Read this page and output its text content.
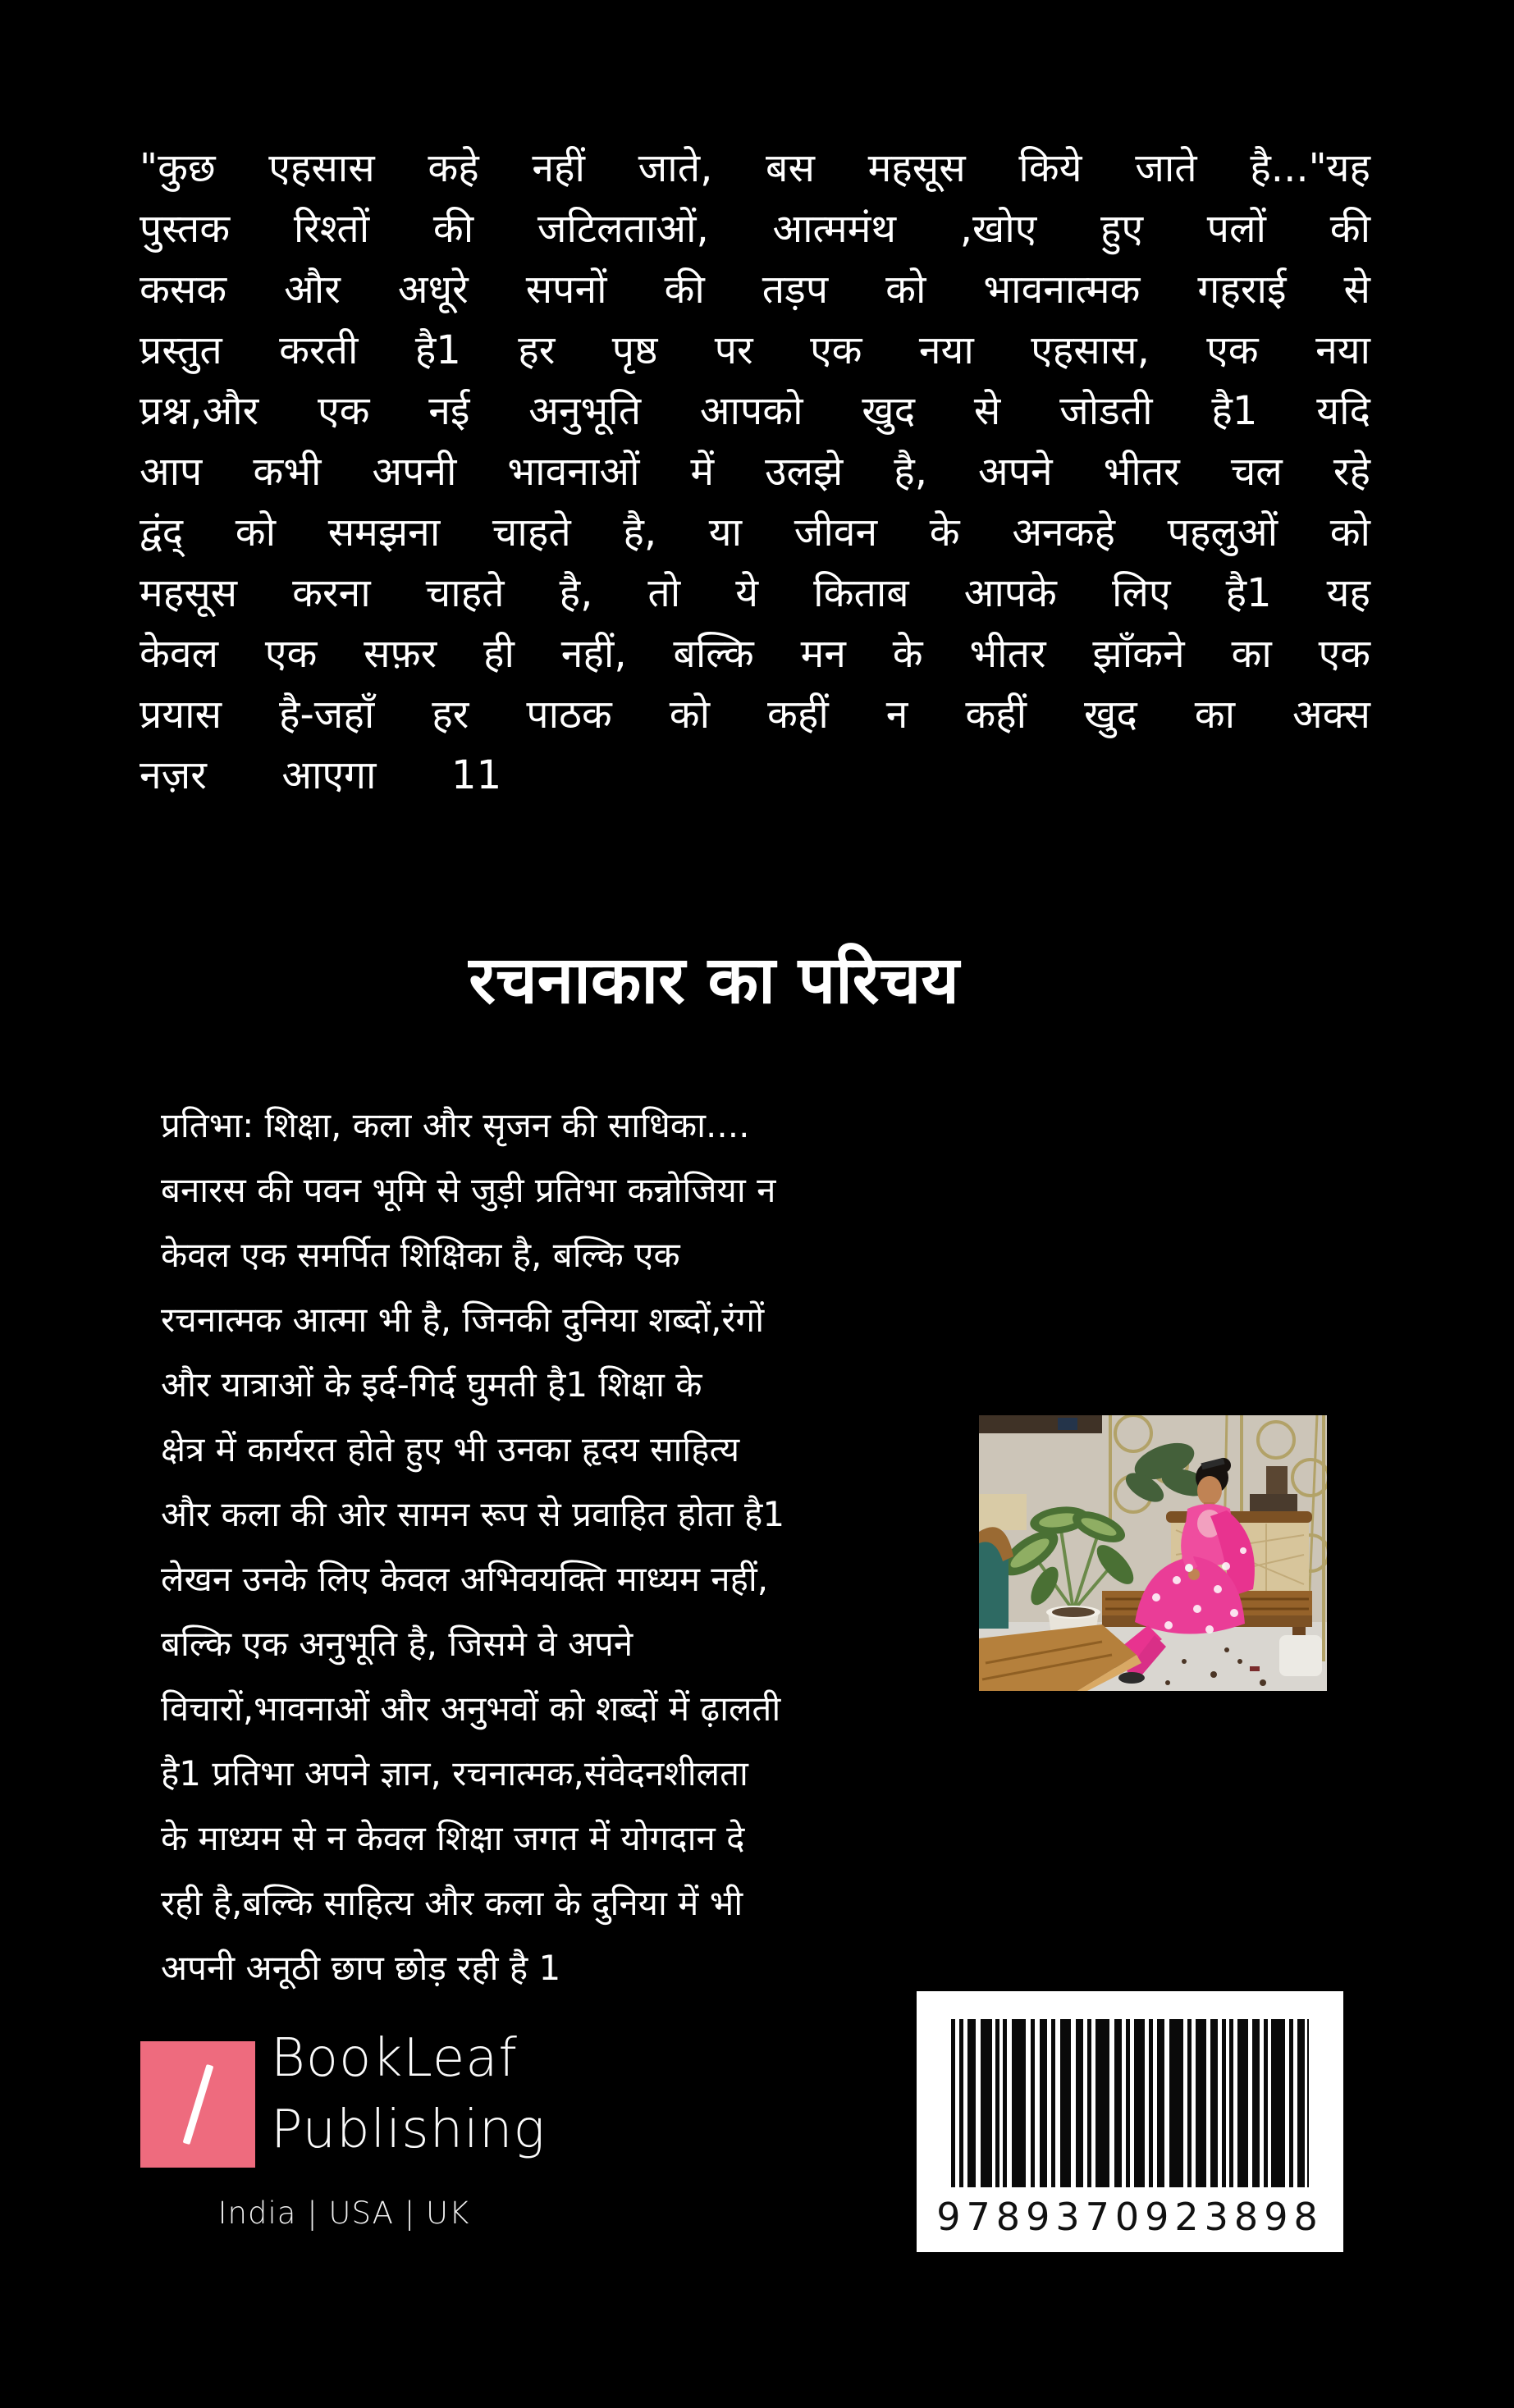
"कुछ एहसास कहे नहीं जाते, बस महसूस किये जाते है..."यह
पुस्तक रिश्तों की जटिलताओं, आत्ममंथ ,खोए हुए पलों की
कसक और अधूरे सपनों की तड़प को भावनात्मक गहराई से
प्रस्तुत करती है1 हर पृष्ठ पर एक नया एहसास, एक नया
प्रश्न,और एक नई अनुभूति आपको खुद से जोडती है1 यदि
आप कभी अपनी भावनाओं में उलझे है, अपने भीतर चल रहे
द्वंद् को समझना चाहते है, या जीवन के अनकहे पहलुओं को
महसूस करना चाहते है, तो ये किताब आपके लिए है1 यह
केवल एक सफ़र ही नहीं, बल्कि मन के भीतर झाँकने का एक
प्रयास है-जहाँ हर पाठक को कहीं न कहीं खुद का अक्स
नज़र      आएगा      11
रचनाकार का परिचय
प्रतिभा: शिक्षा, कला और सृजन की साधिका....
बनारस की पवन भूमि से जुड़ी प्रतिभा कन्नोजिया न
केवल एक समर्पित शिक्षिका है, बल्कि एक
रचनात्मक आत्मा भी है, जिनकी दुनिया शब्दों,रंगों
और यात्राओं के इर्द-गिर्द घुमती है1 शिक्षा के
क्षेत्र में कार्यरत होते हुए भी उनका हृदय साहित्य
और कला की ओर सामन रूप से प्रवाहित होता है1
लेखन उनके लिए केवल अभिवयक्ति माध्यम नहीं,
बल्कि एक अनुभूति है, जिसमे वे अपने
विचारों,भावनाओं और अनुभवों को शब्दों में ढ़ालती
है1 प्रतिभा अपने ज्ञान, रचनात्मक,संवेदनशीलता
के माध्यम से न केवल शिक्षा जगत में योगदान दे
रही है,बल्कि साहित्य और कला के दुनिया में भी
अपनी अनूठी छाप छोड़ रही है 1
BookLeaf
Publishing
India | USA | UK	9789370923898
